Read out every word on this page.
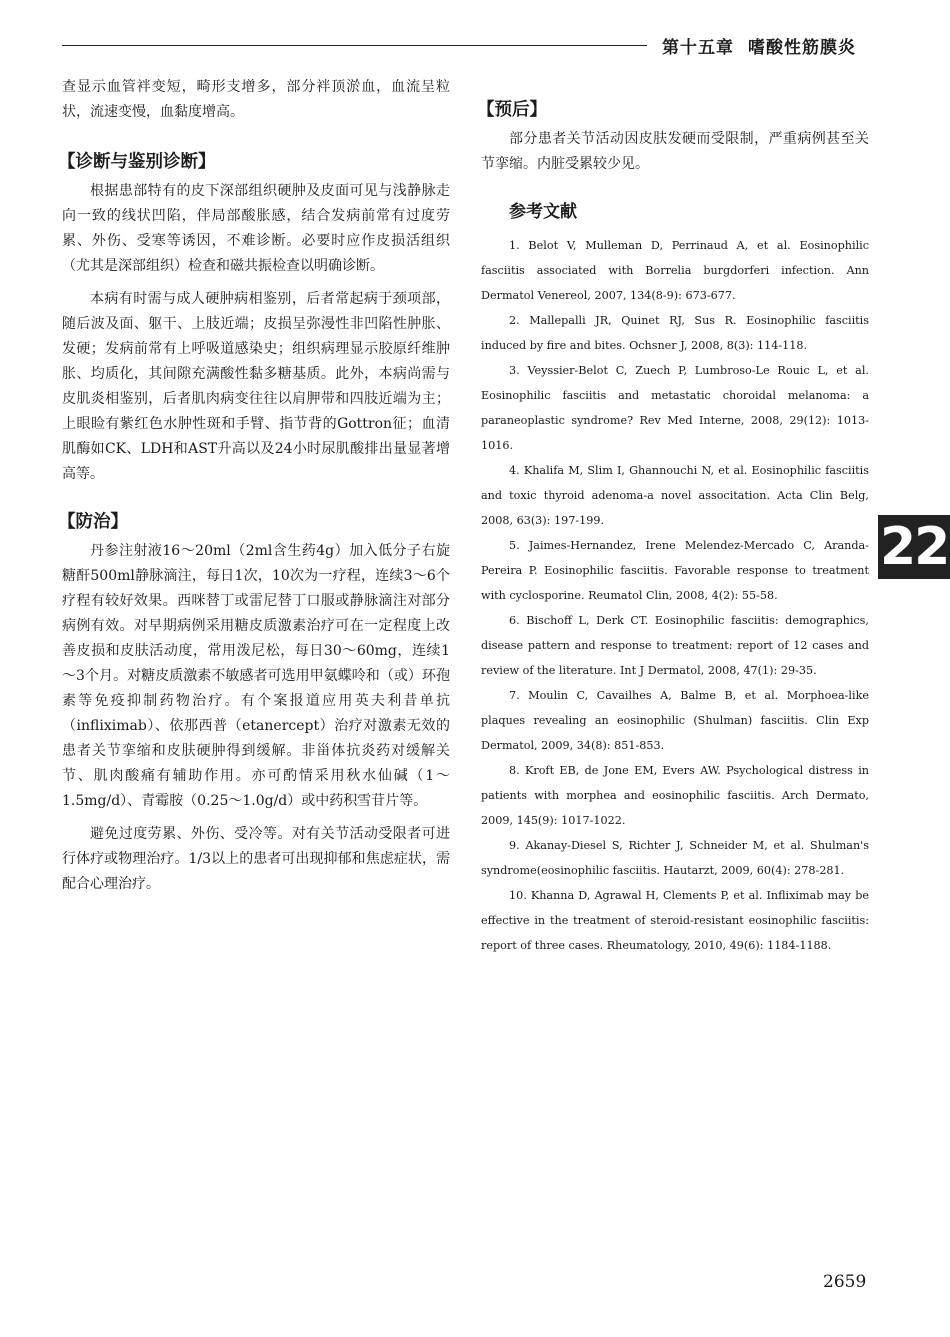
第十五章 嗜酸性筋膜炎

查显示血管袢变短，畸形支增多，部分袢顶淤血，血流呈粒状，流速变慢，血黏度增高。

【诊断与鉴别诊断】

根据患部特有的皮下深部组织硬肿及皮面可见与浅静脉走向一致的线状凹陷，伴局部酸胀感，结合发病前常有过度劳累、外伤、受寒等诱因，不难诊断。必要时应作皮损活组织（尤其是深部组织）检查和磁共振检查以明确诊断。

本病有时需与成人硬肿病相鉴别，后者常起病于颈项部，随后波及面、躯干、上肢近端；皮损呈弥漫性非凹陷性肿胀、发硬；发病前常有上呼吸道感染史；组织病理显示胶原纤维肿胀、均质化，其间隙充满酸性黏多糖基质。此外，本病尚需与皮肌炎相鉴别，后者肌肉病变往往以肩胛带和四肢近端为主；上眼睑有紫红色水肿性斑和手臂、指节背的Gottron征；血清肌酶如CK、LDH和AST升高以及24小时尿肌酸排出量显著增高等。

【防治】

丹参注射液16～20ml（2ml含生药4g）加入低分子右旋糖酐500ml静脉滴注，每日1次，10次为一疗程，连续3～6个疗程有较好效果。西咪替丁或雷尼替丁口服或静脉滴注对部分病例有效。对早期病例采用糖皮质激素治疗可在一定程度上改善皮损和皮肤活动度，常用泼尼松，每日30～60mg，连续1～3个月。对糖皮质激素不敏感者可选用甲氨蝶呤和（或）环孢素等免疫抑制药物治疗。有个案报道应用英夫利昔单抗（infliximab）、依那西普（etanercept）治疗对激素无效的患者关节挛缩和皮肤硬肿得到缓解。非甾体抗炎药对缓解关节、肌肉酸痛有辅助作用。亦可酌情采用秋水仙碱（1～1.5mg/d）、青霉胺（0.25～1.0g/d）或中药积雪苷片等。

避免过度劳累、外伤、受冷等。对有关节活动受限者可进行体疗或物理治疗。1/3以上的患者可出现抑郁和焦虑症状，需配合心理治疗。

【预后】

部分患者关节活动因皮肤发硬而受限制，严重病例甚至关节挛缩。内脏受累较少见。

参考文献
1. Belot V, Mulleman D, Perrinaud A, et al. Eosinophilic fasciitis associated with Borrelia burgdorferi infection. Ann Dermatol Venereol, 2007, 134(8-9): 673-677.
2. Mallepalli JR, Quinet RJ, Sus R. Eosinophilic fasciitis induced by fire and bites. Ochsner J, 2008, 8(3): 114-118.
3. Veyssier-Belot C, Zuech P, Lumbroso-Le Rouic L, et al. Eosinophilic fasciitis and metastatic choroidal melanoma: a paraneoplastic syndrome? Rev Med Interne, 2008, 29(12): 1013-1016.
4. Khalifa M, Slim I, Ghannouchi N, et al. Eosinophilic fasciitis and toxic thyroid adenoma-a novel associtation. Acta Clin Belg, 2008, 63(3): 197-199.
5. Jaimes-Hernandez, Irene Melendez-Mercado C, Aranda-Pereira P. Eosinophilic fasciitis. Favorable response to treatment with cyclosporine. Reumatol Clin, 2008, 4(2): 55-58.
6. Bischoff L, Derk CT. Eosinophilic fasciitis: demographics, disease pattern and response to treatment: report of 12 cases and review of the literature. Int J Dermatol, 2008, 47(1): 29-35.
7. Moulin C, Cavailhes A, Balme B, et al. Morphoea-like plaques revealing an eosinophilic (Shulman) fasciitis. Clin Exp Dermatol, 2009, 34(8): 851-853.
8. Kroft EB, de Jone EM, Evers AW. Psychological distress in patients with morphea and eosinophilic fasciitis. Arch Dermato, 2009, 145(9): 1017-1022.
9. Akanay-Diesel S, Richter J, Schneider M, et al. Shulman's syndrome(eosinophilic fasciitis. Hautarzt, 2009, 60(4): 278-281.
10. Khanna D, Agrawal H, Clements P, et al. Infliximab may be effective in the treatment of steroid-resistant eosinophilic fasciitis: report of three cases. Rheumatology, 2010, 49(6): 1184-1188.
22
2659
